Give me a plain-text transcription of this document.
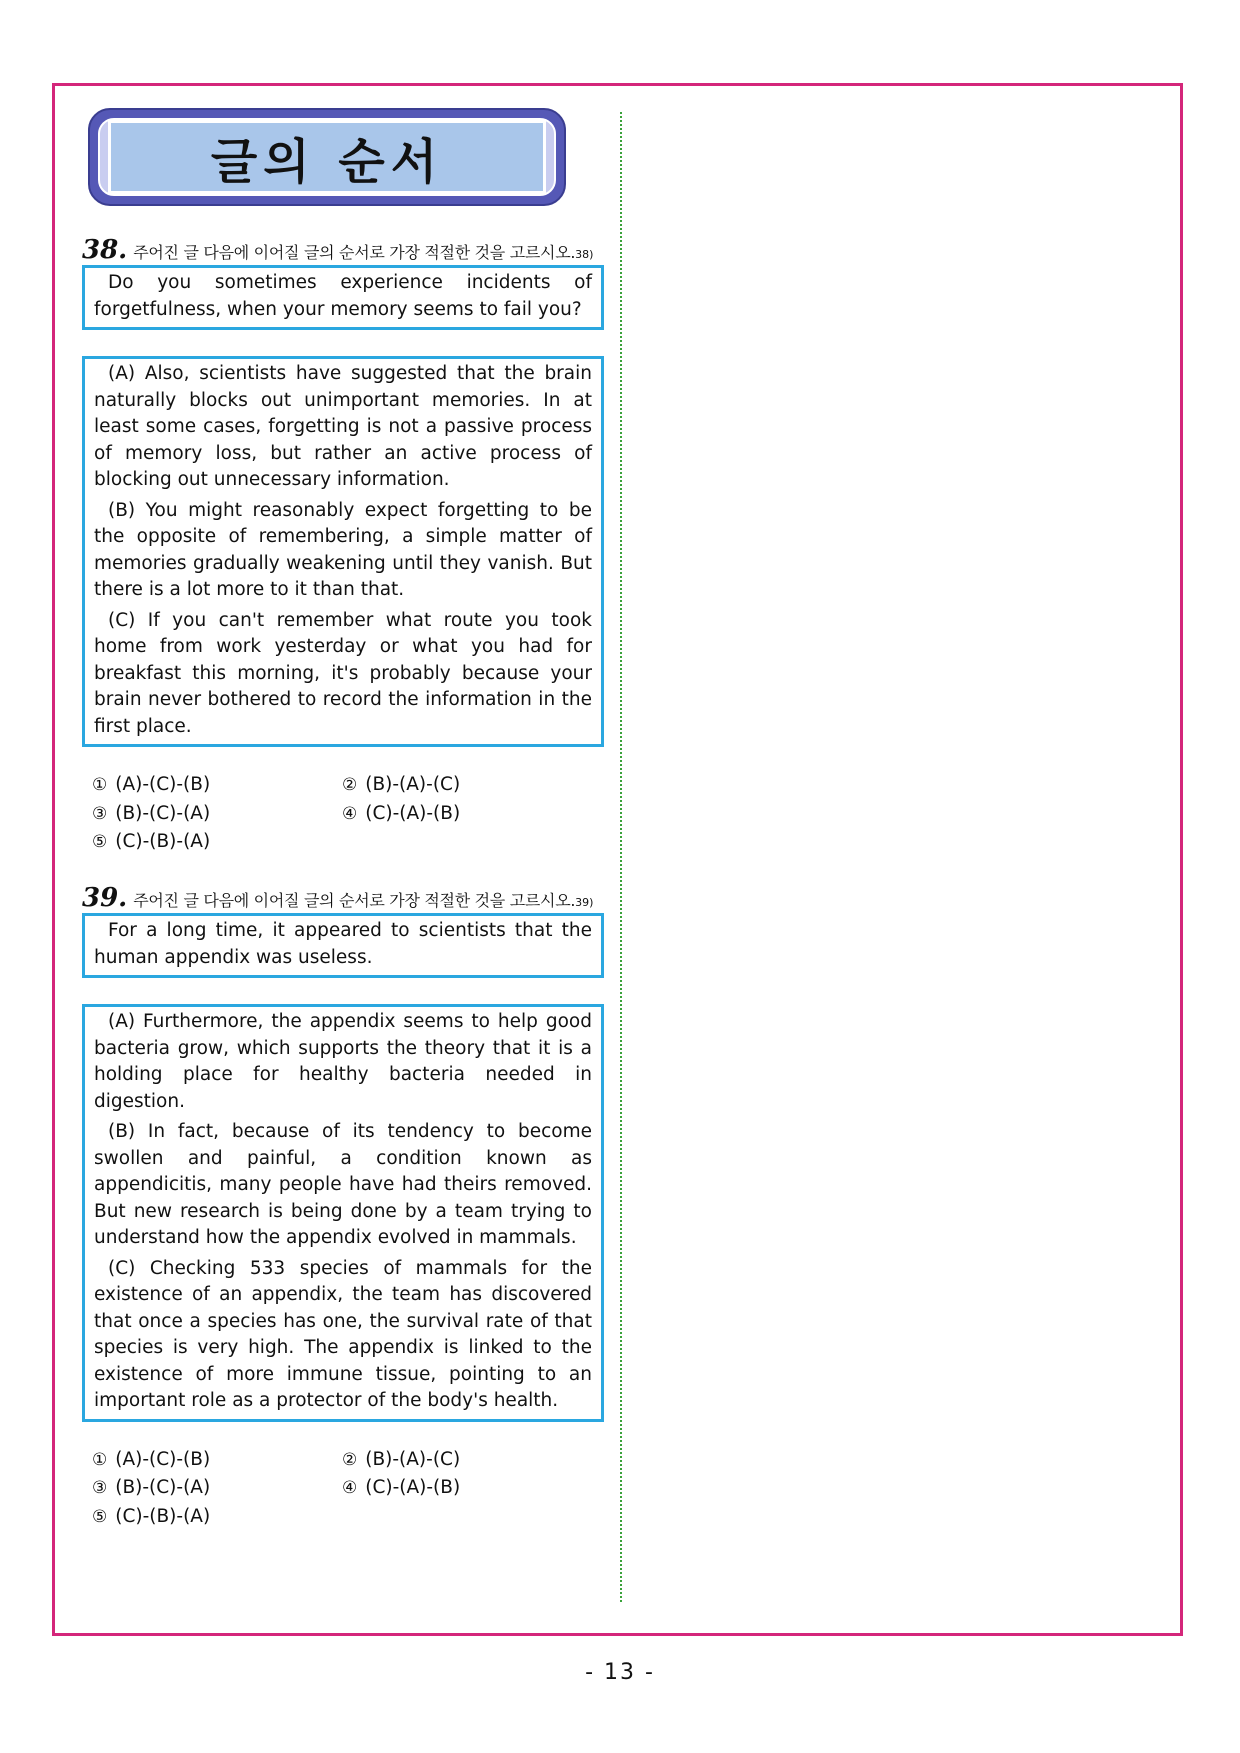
글의 순서
38. 주어진 글 다음에 이어질 글의 순서로 가장 적절한 것을 고르시오. 38)

Do you sometimes experience incidents of forgetfulness, when your memory seems to fail you?

(A) Also, scientists have suggested that the brain naturally blocks out unimportant memories. In at least some cases, forgetting is not a passive process of memory loss, but rather an active process of blocking out unnecessary information.

(B) You might reasonably expect forgetting to be the opposite of remembering, a simple matter of memories gradually weakening until they vanish. But there is a lot more to it than that.

(C) If you can't remember what route you took home from work yesterday or what you had for breakfast this morning, it's probably because your brain never bothered to record the information in the first place.

① (A)-(C)-(B)	② (B)-(A)-(C)
③ (B)-(C)-(A)	④ (C)-(A)-(B)
⑤ (C)-(B)-(A)
39. 주어진 글 다음에 이어질 글의 순서로 가장 적절한 것을 고르시오. 39)

For a long time, it appeared to scientists that the human appendix was useless.

(A) Furthermore, the appendix seems to help good bacteria grow, which supports the theory that it is a holding place for healthy bacteria needed in digestion.

(B) In fact, because of its tendency to become swollen and painful, a condition known as appendicitis, many people have had theirs removed. But new research is being done by a team trying to understand how the appendix evolved in mammals.

(C) Checking 533 species of mammals for the existence of an appendix, the team has discovered that once a species has one, the survival rate of that species is very high. The appendix is linked to the existence of more immune tissue, pointing to an important role as a protector of the body's health.

① (A)-(C)-(B)	② (B)-(A)-(C)
③ (B)-(C)-(A)	④ (C)-(A)-(B)
⑤ (C)-(B)-(A)
- 13 -
